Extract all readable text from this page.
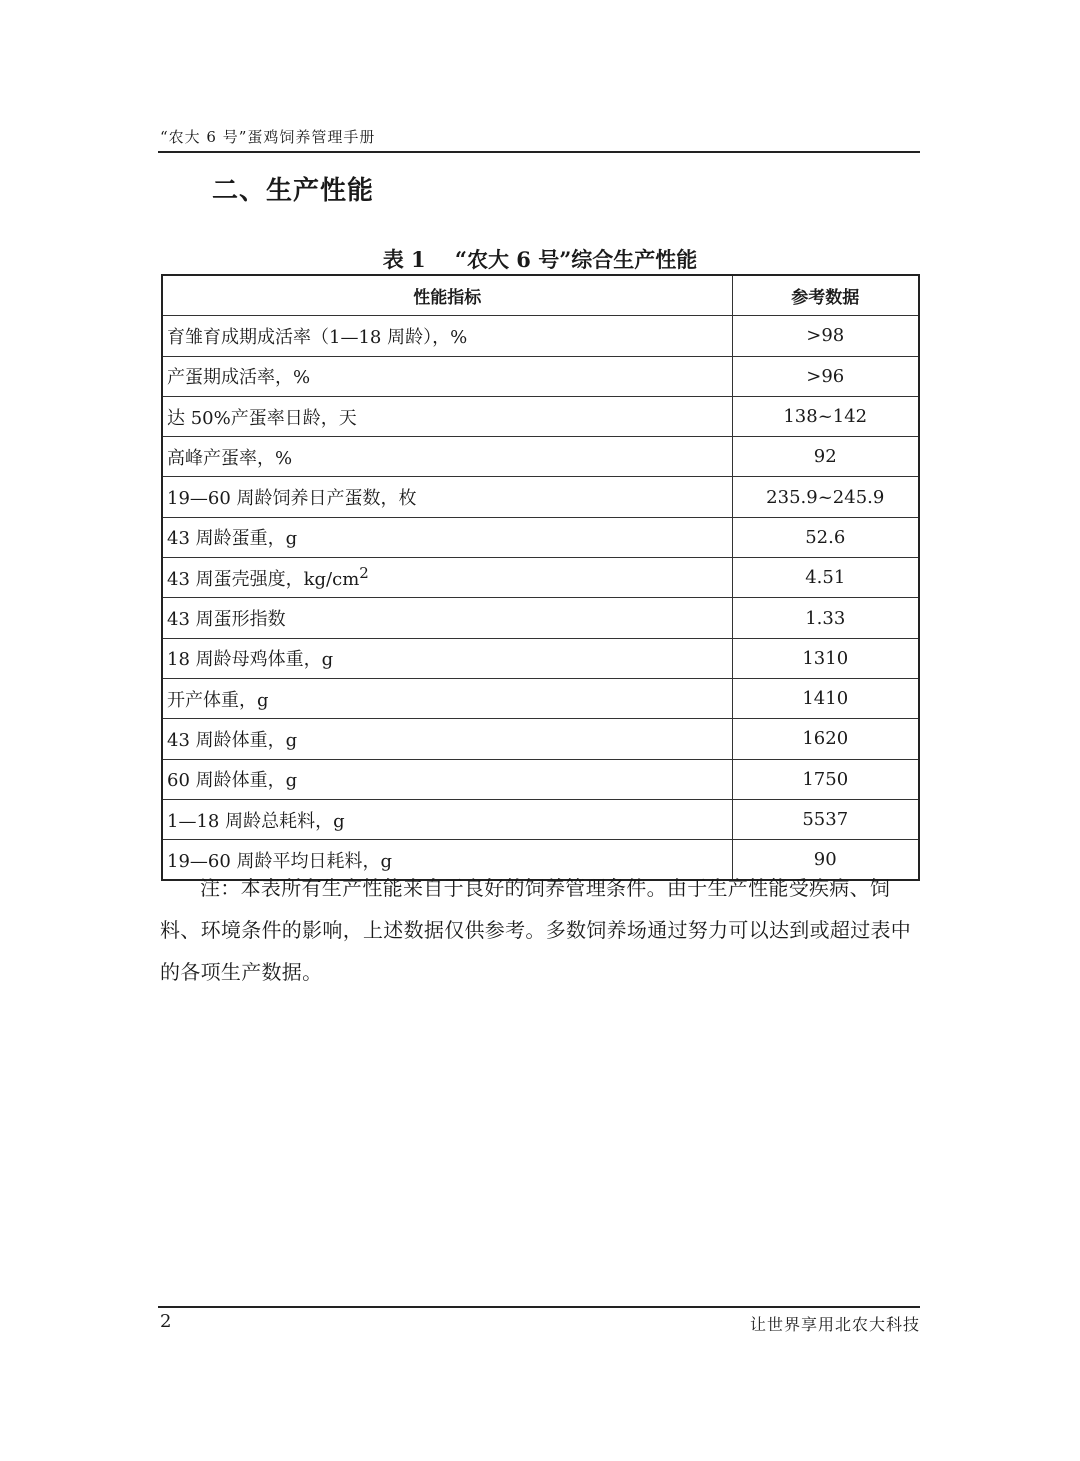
“农大 6 号”蛋鸡饲养管理手册
二、生产性能
表 1    “农大 6 号”综合生产性能
性能指标	参考数据
育雏育成期成活率（1—18 周龄），%	>98
产蛋期成活率，%	>96
达 50%产蛋率日龄，天	138~142
高峰产蛋率，%	92
19—60 周龄饲养日产蛋数，枚	235.9~245.9
43 周龄蛋重，g	52.6
43 周蛋壳强度，$kg/cm^2$	4.51
43 周蛋形指数	1.33
18 周龄母鸡体重，g	1310
开产体重，g	1410
43 周龄体重，g	1620
60 周龄体重，g	1750
1—18 周龄总耗料，g	5537
19—60 周龄平均日耗料，g	90
注：本表所有生产性能来自于良好的饲养管理条件。由于生产性能受疾病、饲料、环境条件的影响，上述数据仅供参考。多数饲养场通过努力可以达到或超过表中的各项生产数据。
2	让世界享用北农大科技
